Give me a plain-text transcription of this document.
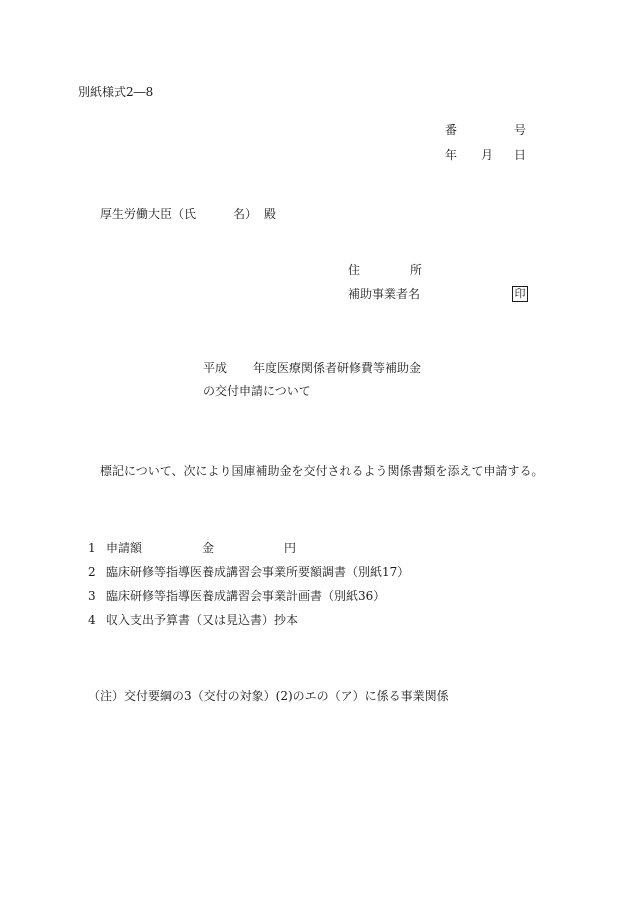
別紙様式2―8
番	号
年 月 日
厚生労働大臣（氏	名） 殿
住	所
補助事業者名	印
平成 年度医療関係者研修費等補助金
の交付申請について
標記について、次により国庫補助金を交付されるよう関係書類を添えて申請する。
1 申請額	金	円
2 臨床研修等指導医養成講習会事業所要額調書（別紙17）
3 臨床研修等指導医養成講習会事業計画書（別紙36）
4 収入支出予算書（又は見込書）抄本
（注） 交付要綱の3（交付の対象）(2)のエの（ア）に係る事業関係
